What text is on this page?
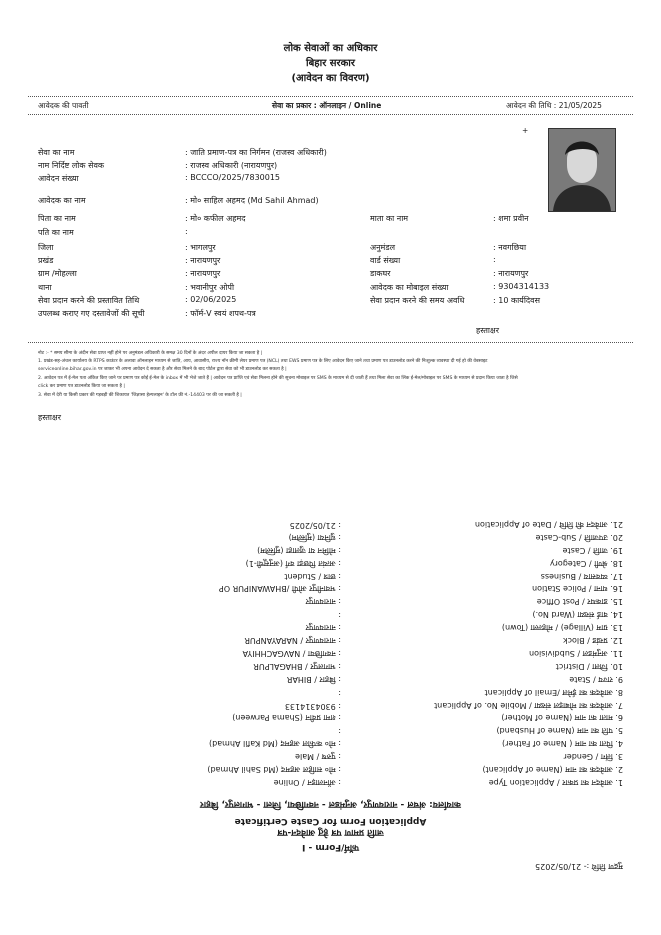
लोक सेवाओं का अधिकार
बिहार सरकार
(आवेदन का विवरण)
आवेदक की पावती	सेवा का प्रकार : ऑनलाइन / Online	आवेदन की तिथि : 21/05/2025
+
सेवा का नाम	: जाति प्रमाण-पत्र का निर्गमन (राजस्व अधिकारी)
नाम निर्दिष्ट लोक सेवक	: राजस्व अधिकारी (नारायणपुर)
आवेदन संख्या	: BCCCO/2025/7830015
आवेदक का नाम	: मो० साहिल अहमद (Md Sahil Ahmad)
पिता का नाम	: मो० कफील अहमद	माता का नाम	: शमा प्रवीन
पति का नाम	:
जिला	: भागलपुर	अनुमंडल	: नवगछिया
प्रखंड	: नारायणपुर	वार्ड संख्या	:
ग्राम /मोहल्ला	: नारायणपुर	डाकघर	: नारायणपुर
थाना	: भवानीपुर ओपी	आवेदक का मोबाइल संख्या	: 9304314133
सेवा प्रदान करने की प्रस्तावित तिथि	: 02/06/2025	सेवा प्रदान करने की समय अवधि	: 10 कार्यदिवस
उपलब्ध कराए गए दस्तावेजों की सूची	: फॉर्म-V स्वयं शपथ-पत्र
हस्ताक्षर
नोट :- * समय सीमा के अंदीन सेवा प्राप्त नहीं होने पर अनुमंडल अधिकारी के समक्ष 30 दिनों के अंदर अपील दायर किया जा सकता है |
1. प्रखंड-सह-अंचल कार्यालय के RTPS काउंटर के अलावा ऑनलाइन माध्यम से जाति, आय, आवासीय, राज्य नॉन क्रीमी लेयर प्रमाण पत्र (NCL) तथा EWS प्रमाण पत्र के लिए आवेदन किए जाने तथा प्रमाण पत्र डाउनलोड करने की निःशुल्क व्यवस्था दी गई हो की वेबसाइट
serviceonline.bihar.gov.in पर जाकर भी अपना आवेदन दे सकता है और सेवा मिलने के बाद पोर्टल द्वारा सेवा को भी डाउनलोड कर सकता है |
2. आवेदन पत्र में ई-मेल पता अंकित किए जाने पर प्रमाण पत्र कोई ई-मेल के inbox में भी भेजे जाते हैं | आवेदन पत्र प्राप्ति एवं सेवा मिलना होने की सूचना मोबाइल पर SMS के माध्यम से दी जाती हैं तथा मिला सेवा का लिंक ई-मेल/मोबाइल पर SMS के माध्यम से प्रदान किया जाता है जिसे
click कर प्रमाण पत्र डाउनलोड किया जा सकता है |
3. सेवा में देरी या किसी प्रकार की गड़बड़ी की शिकायत 'जिज्ञासा हेल्पलाइन' के टॉल फ्री नं.-14403 पर की जा सकती है |
हस्ताक्षर
मुद्रण तिथि :- 21/05/2025
फॉर्म/Form - I
जाति प्रमाण पत्र हेतु आवेदन-पत्र
Application Form for Caste Certificate
कार्यालय: अंचल - नारायणपुर, अनुमंडल - नवगछिया, जिला - भागलपुर, बिहार
1. आवेदन का प्रकार / Application Type
: ऑनलाइन / Online
2. आवेदक का नाम (Name of Applicant)
: मो० साहिल अहमद (Md Sahil Ahmad)
3. लिंग / Gender
: पुरुष / Male
4. पिता का नाम ( Name of Father)
: मो० कफील अहमद (Md Kafil Ahmad)
5. पति का नाम (Name of Husband)
:
6. माता का नाम (Name of Mother)
: शमा प्रवीन (Shama Parween)
7. आवेदक का मोबाइल संख्या / Mobile No. of Applicant
: 9304314133
8. आवेदक का ईमेल /Email of Applicant
:
9. राज्य / State
: बिहार / BIHAR
10. जिला / District
: भागलपुर / BHAGALPUR
11. अनुमंडल / Subdivision
: नवगछिया / NAVGACHHIYA
12. प्रखंड / Block
: नारायणपुर / NARAYANPUR
13. ग्राम (Village) / मोहल्ला (Town)
: नारायणपुर
14. वार्ड संख्या (Ward No.)
:
15. डाकघर / Post Office
: नारायणपुर
16. थाना / Police Station
: भवानीपुर ओपी /BHAWANIPUR OP
17. व्यवसाय / Business
: छात्र / Student
18. श्रेणी / Category
: अत्यंत पिछड़ा वर्ग (अनुसूची-1)
19. जाति / Caste
: मोमिन या जुलाहा (मुस्लिम)
20. उपजाति / Sub-Caste
: धुनिया (मुस्लिम)
21. आवेदन की तिथि / Date of Application
: 21/05/2025
